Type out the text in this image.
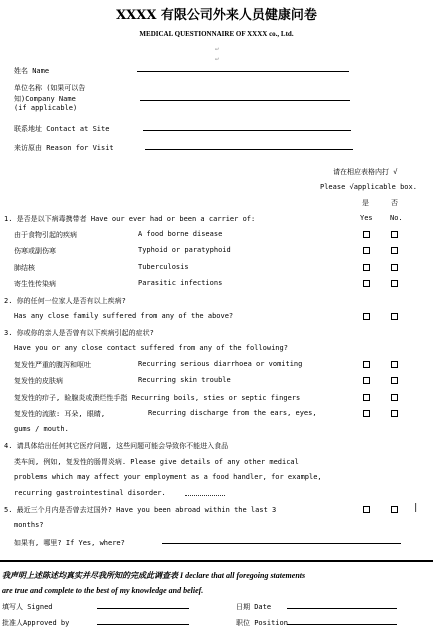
XXXX 有限公司外来人员健康问卷
MEDICAL QUESTIONNAIRE OF XXXX co., Ltd.
↵
↵
姓名 Name
单位名称 (如果可以告
知)Company Name
(if applicable)
联系地址 Contact at Site
来访原由 Reason for Visit
请在相应表格内打 √
Please √applicable box.
是	否
1. 是否是以下病毒携带者 Have our ever had or been a carrier of:	Yes No.
由于食物引起的疾病	A food borne disease
伤寒或副伤寒	Typhoid or paratyphoid
肺结核	Tuberculosis
寄生性传染病	Parasitic infections
2. 你的任何一位家人是否有以上疾病?
Has any close family suffered from any of the above?
3. 你或你的亲人是否曾有以下疾病引起的症状?
Have you or any close contact suffered from any of the following?
复发性严重的腹泻和呕吐	Recurring serious diarrhoea or vomiting
复发性的皮肤病	Recurring skin trouble
复发性的疖子, 睑腺炎或溃烂性手指 Recurring boils, sties or septic fingers
复发性的流脓: 耳朵, 眼睛,	Recurring discharge from the ears, eyes,
gums / mouth.
4. 请具体给出任何其它医疗问题, 这些问题可能会导致你不能进入食品
类车间, 例如, 复发性的肠胃炎病. Please give details of any other medical
problems which may affect your employment as a food handler, for example,
recurring gastrointestinal disorder.
5. 最近三个月内是否曾去过国外? Have you been abroad within the last 3	|
months?
如果有, 哪里? If Yes, where?
我声明上述陈述均真实并尽我所知的完成此调查表 I declare that all foregoing statements
are true and complete to the best of my knowledge and belief.
填写人 Signed	日期 Date
批准人Approved by	职位 Position
